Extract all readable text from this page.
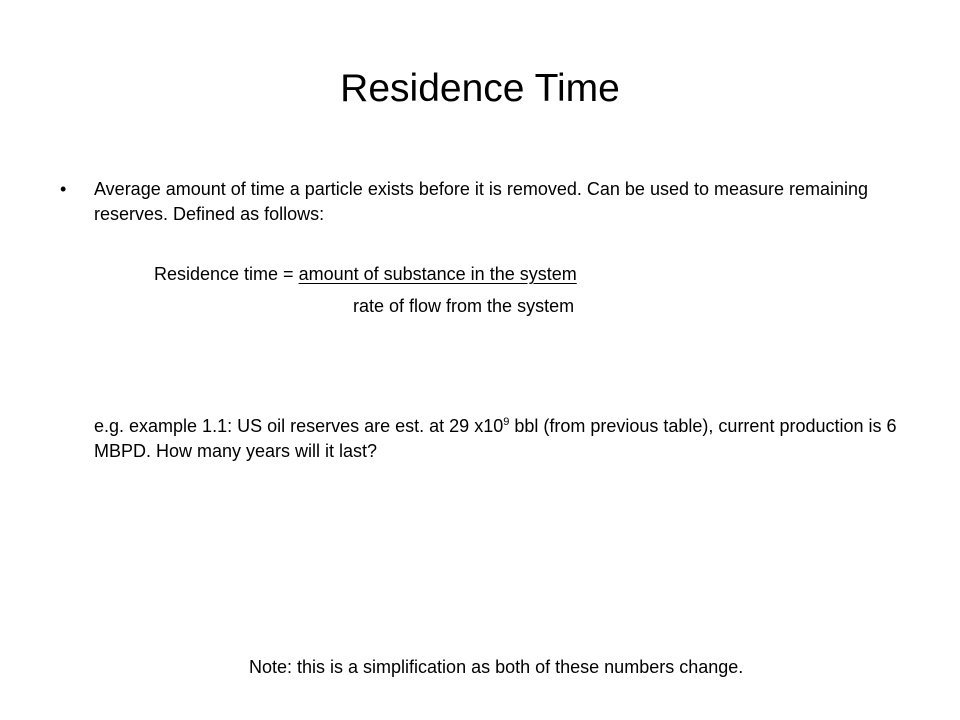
Residence Time
• Average amount of time a particle exists before it is removed. Can be used to measure remaining reserves. Defined as follows:
Residence time = amount of substance in the system
rate of flow from the system
e.g. example 1.1: US oil reserves are est. at 29 $x10^9$ bbl (from previous table), current production is 6 MBPD. How many years will it last?
Note: this is a simplification as both of these numbers change.
